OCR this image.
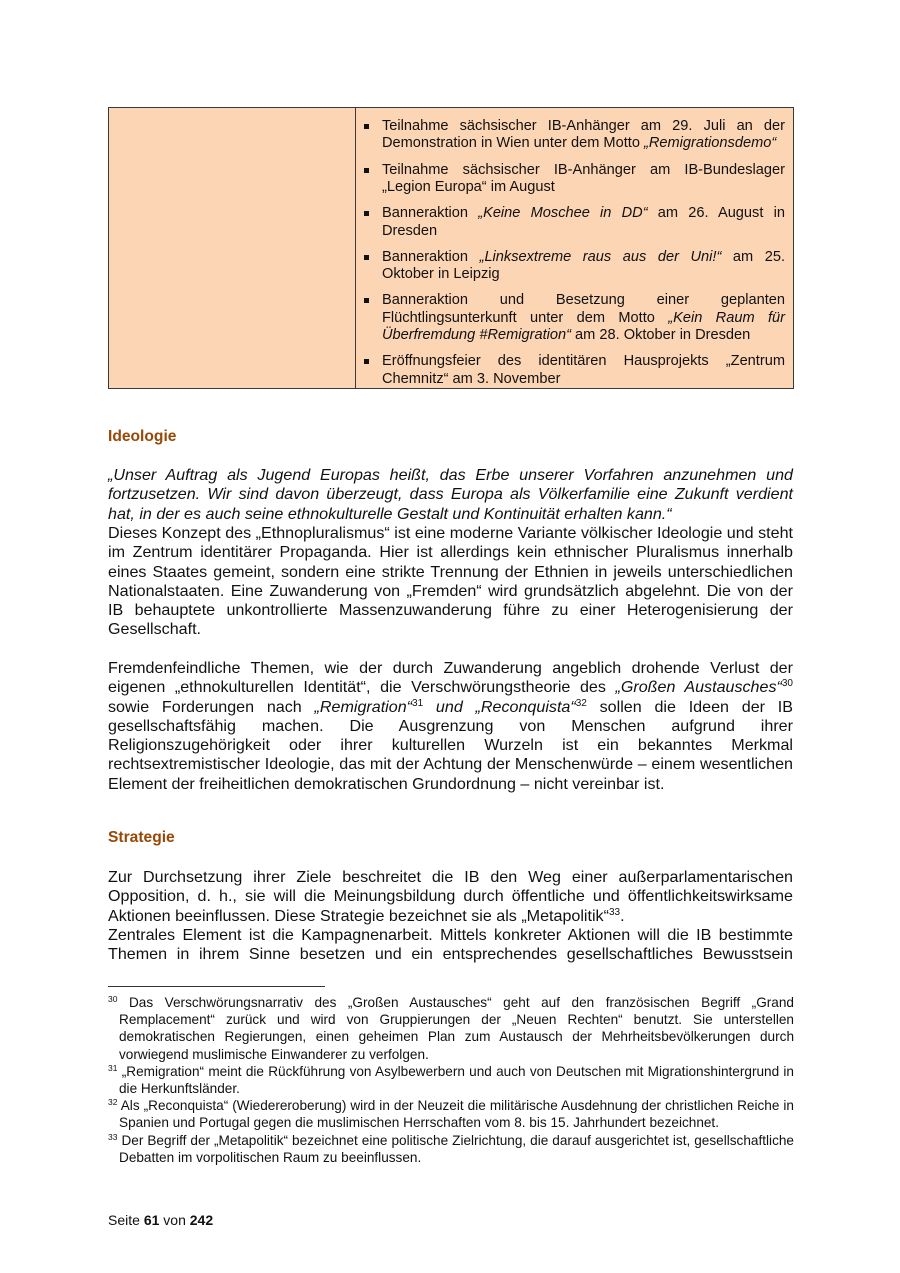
Teilnahme sächsischer IB-Anhänger am 29. Juli an der Demonstration in Wien unter dem Motto „Remigrationsdemo“
Teilnahme sächsischer IB-Anhänger am IB-Bundeslager „Legion Europa“ im August
Banneraktion „Keine Moschee in DD“ am 26. August in Dresden
Banneraktion „Linksextreme raus aus der Uni!“ am 25. Oktober in Leipzig
Banneraktion und Besetzung einer geplanten Flüchtlingsunterkunft unter dem Motto „Kein Raum für Überfremdung #Remigration“ am 28. Oktober in Dresden
Eröffnungsfeier des identitären Hausprojekts „Zentrum Chemnitz“ am 3. November
Ideologie

„Unser Auftrag als Jugend Europas heißt, das Erbe unserer Vorfahren anzunehmen und fortzusetzen. Wir sind davon überzeugt, dass Europa als Völkerfamilie eine Zukunft verdient hat, in der es auch seine ethnokulturelle Gestalt und Kontinuität erhalten kann.“

Dieses Konzept des „Ethnopluralismus“ ist eine moderne Variante völkischer Ideologie und steht im Zentrum identitärer Propaganda. Hier ist allerdings kein ethnischer Pluralismus innerhalb eines Staates gemeint, sondern eine strikte Trennung der Ethnien in jeweils unterschiedlichen Nationalstaaten. Eine Zuwanderung von „Fremden“ wird grundsätzlich abgelehnt. Die von der IB behauptete unkontrollierte Massenzuwanderung führe zu einer Heterogenisierung der Gesellschaft.

Fremdenfeindliche Themen, wie der durch Zuwanderung angeblich drohende Verlust der eigenen „ethnokulturellen Identität“, die Verschwörungstheorie des „Großen Austausches“$^{30}$ sowie Forderungen nach „Remigration“$^{31}$ und „Reconquista“$^{32}$ sollen die Ideen der IB gesellschaftsfähig machen. Die Ausgrenzung von Menschen aufgrund ihrer Religionszugehörigkeit oder ihrer kulturellen Wurzeln ist ein bekanntes Merkmal rechtsextremistischer Ideologie, das mit der Achtung der Menschenwürde – einem wesentlichen Element der freiheitlichen demokratischen Grundordnung – nicht vereinbar ist.

Strategie

Zur Durchsetzung ihrer Ziele beschreitet die IB den Weg einer außerparlamentarischen Opposition, d. h., sie will die Meinungsbildung durch öffentliche und öffentlichkeitswirksame Aktionen beeinflussen. Diese Strategie bezeichnet sie als „Metapolitik“$^{33}$.

Zentrales Element ist die Kampagnenarbeit. Mittels konkreter Aktionen will die IB bestimmte Themen in ihrem Sinne besetzen und ein entsprechendes gesellschaftliches Bewusstsein

$^{30}$ Das Verschwörungsnarrativ des „Großen Austausches“ geht auf den französischen Begriff „Grand Remplacement“ zurück und wird von Gruppierungen der „Neuen Rechten“ benutzt. Sie unterstellen demokratischen Regierungen, einen geheimen Plan zum Austausch der Mehrheitsbevölkerungen durch vorwiegend muslimische Einwanderer zu verfolgen.

$^{31}$ „Remigration“ meint die Rückführung von Asylbewerbern und auch von Deutschen mit Migrationshintergrund in die Herkunftsländer.

$^{32}$ Als „Reconquista“ (Wiedereroberung) wird in der Neuzeit die militärische Ausdehnung der christlichen Reiche in Spanien und Portugal gegen die muslimischen Herrschaften vom 8. bis 15. Jahrhundert bezeichnet.

$^{33}$ Der Begriff der „Metapolitik“ bezeichnet eine politische Zielrichtung, die darauf ausgerichtet ist, gesellschaftliche Debatten im vorpolitischen Raum zu beeinflussen.

Seite 61 von 242
